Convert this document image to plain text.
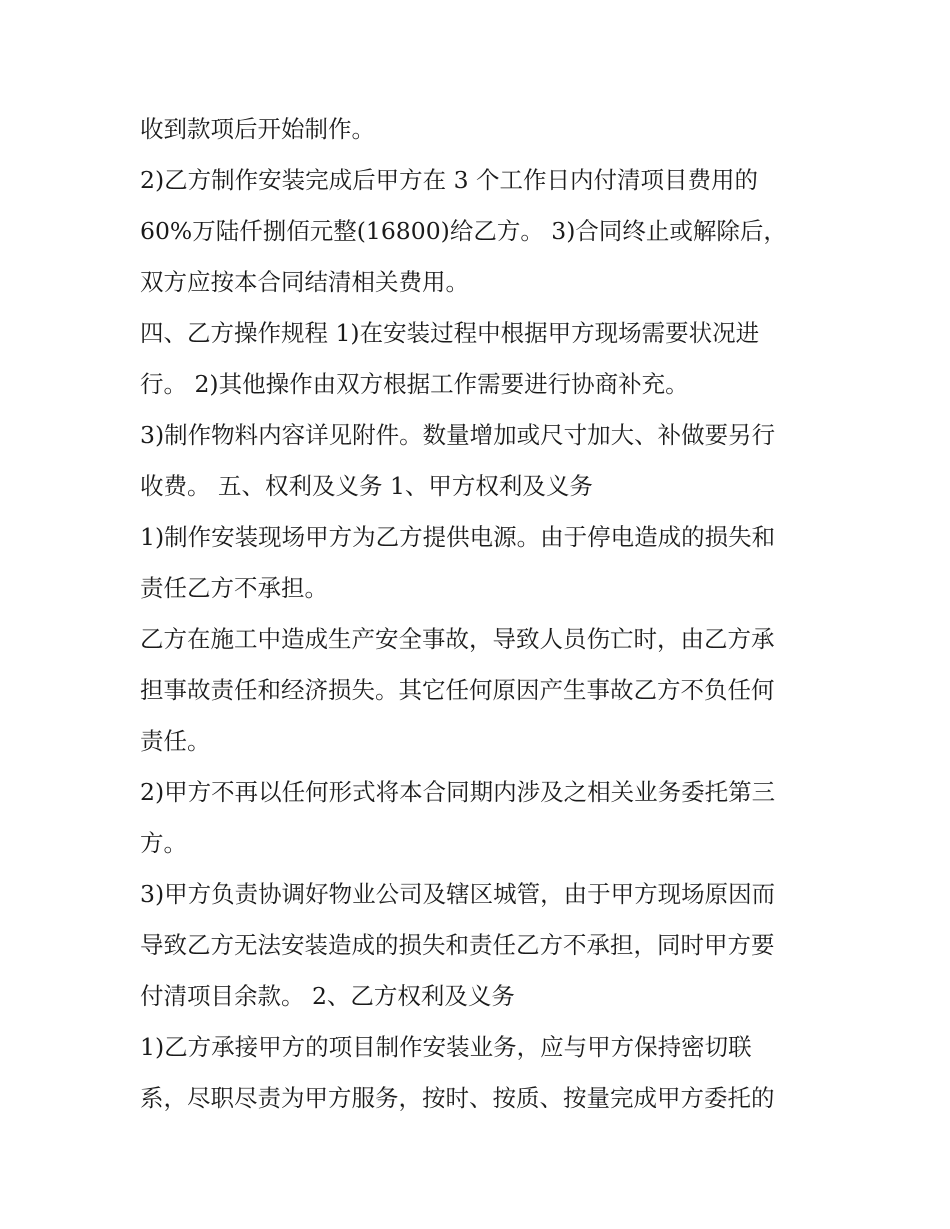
收到款项后开始制作。
2)乙方制作安装完成后甲方在 3 个工作日内付清项目费用的
60%万陆仟捌佰元整(16800)给乙方。 3)合同终止或解除后，
双方应按本合同结清相关费用。
四、乙方操作规程 1)在安装过程中根据甲方现场需要状况进
行。 2)其他操作由双方根据工作需要进行协商补充。
3)制作物料内容详见附件。数量增加或尺寸加大、补做要另行
收费。 五、权利及义务 1、甲方权利及义务
1)制作安装现场甲方为乙方提供电源。由于停电造成的损失和
责任乙方不承担。
乙方在施工中造成生产安全事故，导致人员伤亡时，由乙方承
担事故责任和经济损失。其它任何原因产生事故乙方不负任何
责任。
2)甲方不再以任何形式将本合同期内涉及之相关业务委托第三
方。
3)甲方负责协调好物业公司及辖区城管，由于甲方现场原因而
导致乙方无法安装造成的损失和责任乙方不承担，同时甲方要
付清项目余款。 2、乙方权利及义务
1)乙方承接甲方的项目制作安装业务，应与甲方保持密切联
系，尽职尽责为甲方服务，按时、按质、按量完成甲方委托的
